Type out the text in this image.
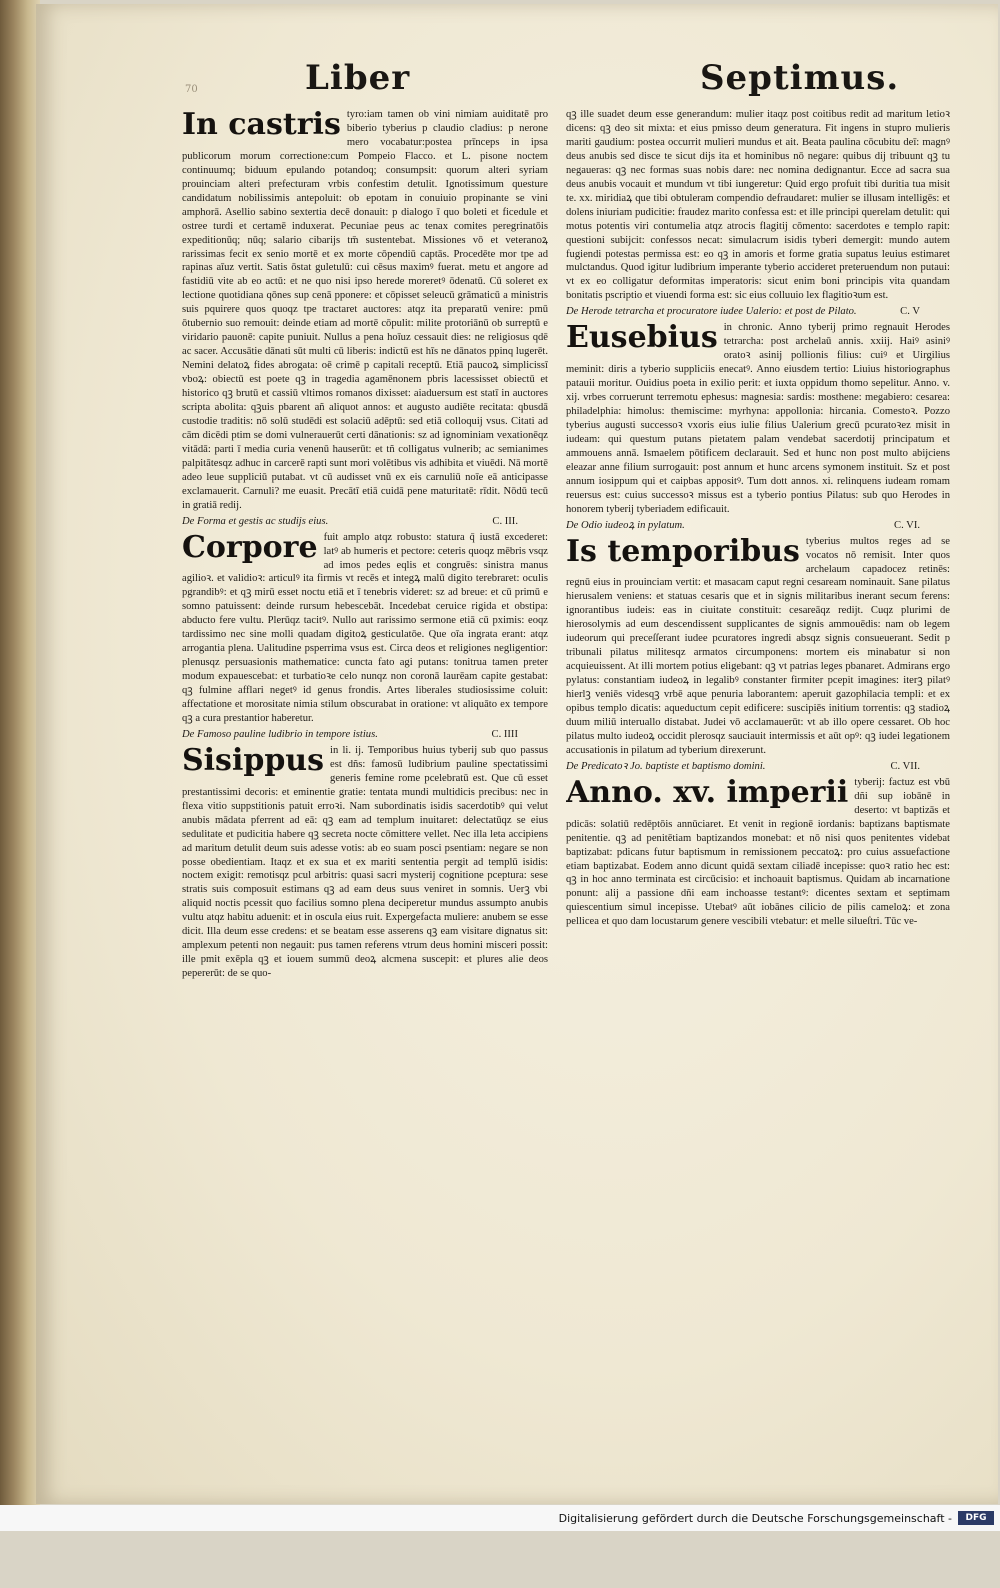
70	Liber	Septimus.

In castris tyro:iam tamen ob vini nimiam auiditatē pro biberio tyberius p claudio cladius: p nerone mero vocabatur:postea prīnceps in ipsa publicorum morum correctione:cum Pompeio Flacco. et L. pisone noctem continuumq; biduum epulando potandoq; consumpsit: quorum alteri syriam prouinciam alteri prefecturam vrbis confestim detulit. Ignotissimum questure candidatum nobilissimis antepoluit: ob epotam in conuiuio propinante se vini amphorā. Asellio sabino sextertia decē donauit: p dialogo ī quo boleti et ficedule et ostree turdi et certamē induxerat. Pecuniae peus ac tenax comites peregrinatōis expeditionūq; nūq; salario cibarijs tm̄ sustentebat. Missiones vō et veteranoꝝ rarissimas fecit ex senio mortē et ex morte cōpendiū captās. Procedēte mor tpe ad rapinas aīuz vertit. Satis ōstat guletulū: cui cēsus maximꝰ fuerat. metu et angore ad fastidiū vite ab eo actū: et ne quo nisi ipso herede moreretꝰ ōdenatū. Cū soleret ex lectione quotidiana qōnes sup cenā pponere: et cōpisset seleucū grāmaticū a ministris suis pquirere quos quoqz tpe tractaret auctores: atqz ita preparatū venire: pmū ōtubernio suo remouit: deinde etiam ad mortē cōpulit: milite protoriānū ob surreptū e viridario pauonē: capite puniuit. Nullus a pena hoīuz cessauit dies: ne religiosus qdē ac sacer. Accusātie dānati sūt multi cū liberis: indictū est hīs ne dānatos ppinq lugerēt. Nemini delatoꝝ fides abrogata: oē crimē p capitali receptū. Etiā paucoꝝ simplicissī vboꝝ: obiectū est poete qꝫ in tragedia agamēnonem pbris lacessisset obiectū et historico qꝫ brutū et cassiū vltimos romanos dixisset: aiaduersum est statī in auctores scripta abolita: qꝫuis pbarent añ aliquot annos: et augusto audiēte recitata: qbusdā custodie traditis: nō solū studēdi est solaciū adēptū: sed etiā colloquij vsus. Citati ad cām dicēdi ptim se domi vulnerauerūt certi dānationis: sz ad ignominiam vexationēqz vitādā: parti ī media curia venenū hauserūt: et tñ colligatus vulnerib; ac semianimes palpitātesqz adhuc in carcerē rapti sunt mori volētibus vis adhibita et viuēdi. Nā mortē adeo leue suppliciū putabat. vt cū audisset vnū ex eis carnuliū noīe eā anticipasse exclamauerit. Carnuli? me euasit. Precātī etiā cuidā pene maturitatē: rīdit. Nōdū tecū in gratiā redij.

De Forma et gestis ac studijs eius.	C. III.

Corpore fuit amplo atqz robusto: statura q̄ iustā excederet: latꝰ ab humeris et pectore: ceteris quoqz mēbris vsqz ad imos pedes eqlis et congruēs: sinistra manus agilioꝛ. et validioꝛ: articulꝰ ita firmis vt recēs et integꝝ malū digito terebraret: oculis pgrandibꝰ: et qꝫ mirū esset noctu etiā et ī tenebris videret: sz ad breue: et cū primū e somno patuissent: deinde rursum hebescebāt. Incedebat ceruice rigida et obstipa: abducto fere vultu. Plerūqz tacitꝰ. Nullo aut rarissimo sermone etiā cū pximis: eoqz tardissimo nec sine molli quadam digitoꝝ gesticulatōe. Que oīa ingrata erant: atqz arrogantia plena. Ualitudine psperrima vsus est. Circa deos et religiones negligentior: plenusqz persuasionis mathematice: cuncta fato agi putans: tonitrua tamen preter modum expauescebat: et turbatioꝛe celo nunqz non coronā laurēam capite gestabat: qꝫ fulmine afflari negetꝰ id genus frondis. Artes liberales studiosissime coluit: affectatione et morositate nimia stilum obscurabat in oratione: vt aliquāto ex tempore qꝫ a cura prestantior haberetur.

De Famoso pauline ludibrio in tempore istius.	C. IIII

Sisippus in li. ij. Temporibus huius tyberij sub quo passus est dñs: famosū ludibrium pauline spectatissimi generis femine rome pcelebratū est. Que cū esset prestantissimi decoris: et eminentie gratie: tentata mundi multidicis precibus: nec in flexa vitio suppstitionis patuit erroꝛi. Nam subordinatis isidis sacerdotibꝰ qui velut anubis mādata pferrent ad eā: qꝫ eam ad templum inuitaret: delectatūqz se eius sedulitate et pudicitia habere qꝫ secreta nocte cōmittere vellet. Nec illa leta accipiens ad maritum detulit deum suis adesse votis: ab eo suam posci psentiam: negare se non posse obedientiam. Itaqz et ex sua et ex mariti sententia pergit ad templū isidis: noctem exigit: remotisqz pcul arbitris: quasi sacri mysterij cognitione pceptura: sese stratis suis composuit estimans qꝫ ad eam deus suus veniret in somnis. Uerꝫ vbi aliquid noctis pcessit quo facilius somno plena deciperetur mundus assumpto anubis vultu atqz habitu aduenit: et in oscula eius ruit. Expergefacta muliere: anubem se esse dicit. Illa deum esse credens: et se beatam esse asserens qꝫ eam visitare dignatus sit: amplexum petenti non negauit: pus tamen referens vtrum deus homini misceri possit: ille pmit exēpla qꝫ et iouem summū deoꝝ alcmena suscepit: et plures alie deos pepererūt: de se quo-

qꝫ ille suadet deum esse generandum: mulier itaqz post coitibus redit ad maritum letioꝛ dicens: qꝫ deo sit mixta: et eius pmisso deum generatura. Fit ingens in stupro mulieris mariti gaudium: postea occurrit mulieri mundus et ait. Beata paulina cōcubitu deī: magnꝰ deus anubis sed disce te sicut dijs ita et hominibus nō negare: quibus dij tribuunt qꝫ tu negaueras: qꝫ nec formas suas nobis dare: nec nomina dedignantur. Ecce ad sacra sua deus anubis vocauit et mundum vt tibi iungeretur: Quid ergo profuit tibi duritia tua misit te. xx. miridiaꝝ que tibi obtuleram compendio defraudaret: mulier se illusam intelligēs: et dolens iniuriam pudicitie: fraudez marito confessa est: et ille principi querelam detulit: qui motus potentis viri contumelia atqz atrocis flagitij cōmento: sacerdotes e templo rapit: questioni subijcit: confessos necat: simulacrum isidis tyberi demergit: mundo autem fugiendi potestas permissa est: eo qꝫ in amoris et forme gratia supatus leuius estimaret mulctandus. Quod igitur ludibrium imperante tyberio accideret preteruendum non putaui: vt ex eo colligatur deformitas imperatoris: sicut enim boni principis vita quandam bonitatis pscriptio et viuendi forma est: sic eius colluuio lex flagitioꝛum est.

De Herode tetrarcha et procuratore iudee Ualerio: et post de Pilato.	C. V

Eusebius in chronic. Anno tyberij primo regnauit Herodes tetrarcha: post archelaū annis. xxiij. Haiꝰ asiniꝰ oratoꝛ asinij pollionis filius: cuiꝰ et Uirgilius meminit: diris a tyberio suppliciis enecatꝰ. Anno eiusdem tertio: Liuius historiographus patauii moritur. Ouidius poeta in exilio perit: et iuxta oppidum thomo sepelitur. Anno. v. xij. vrbes corruerunt terremotu ephesus: magnesia: sardis: mosthene: megabiero: cesarea: philadelphia: himolus: themiscime: myrhyna: appollonia: hircania. Comestoꝛ. Pozzo tyberius augusti successoꝛ vxoris eius iulie filius Ualerium grecū pcuratoꝛez misit in iudeam: qui questum putans pietatem palam vendebat sacerdotij principatum et ammouens annā. Ismaelem pōtificem declarauit. Sed et hunc non post multo abijciens eleazar anne filium surrogauit: post annum et hunc arcens symonem instituit. Sz et post annum iosippum qui et caipbas appositꝰ. Tum dott annos. xi. relinquens iudeam romam reuersus est: cuius successoꝛ missus est a tyberio pontius Pilatus: sub quo Herodes in honorem tyberij tyberiadem edificauit.

De Odio iudeoꝝ in pylatum.	C. VI.

Is temporibus tyberius multos reges ad se vocatos nō remisit. Inter quos archelaum capadocez retinēs: regnū eius in prouinciam vertit: et masacam caput regni cesaream nominauit. Sane pilatus hierusalem veniens: et statuas cesaris que et in signis militaribus inerant secum ferens: ignorantibus iudeis: eas in ciuitate constituit: cesareāqz redijt. Cuqz plurimi de hierosolymis ad eum descendissent supplicantes de signis ammouēdis: nam ob legem iudeorum qui preceſſerant iudee pcuratores ingredi absqz signis consueuerant. Sedit p tribunali pilatus militesqz armatos circumponens: mortem eis minabatur si non acquieuissent. At illi mortem potius eligebant: qꝫ vt patrias leges pbanaret. Admirans ergo pylatus: constantiam iudeoꝝ in legalibꝰ constanter firmiter pcepit imagines: iterꝫ pilatꝰ hierlꝫ veniēs videsqꝫ vrbē aque penuria laborantem: aperuit gazophilacia templi: et ex opibus templo dicatis: aqueductum cepit edificere: suscipiēs initium torrentis: qꝫ stadioꝝ duum miliū interuallo distabat. Judei vō acclamauerūt: vt ab illo opere cessaret. Ob hoc pilatus multo iudeoꝝ occidit plerosqz sauciauit intermissis et aūt opꝰ: qꝫ iudei legationem accusationis in pilatum ad tyberium direxerunt.

De Predicatoꝛ Jo. baptiste et baptismo domini.	C. VII.

Anno. xv. imperii tyberij: factuz est vbū dñi sup iobānē in deserto: vt baptizās et pdicās: solatiū redēptōis annūciaret. Et venit in regionē iordanis: baptizans baptismate penitentie. qꝫ ad penitētiam baptizandos monebat: et nō nisi quos penitentes videbat baptizabat: pdicans futur baptismum in remissionem peccatoꝝ: pro cuius assuefactione etiam baptizabat. Eodem anno dicunt quidā sextam ciliadē incepisse: quoꝛ ratio hec est: qꝫ in hoc anno terminata est circūcisio: et inchoauit baptismus. Quidam ab incarnatione ponunt: alij a passione dñi eam inchoasse testantꝰ: dicentes sextam et septimam quiescentium simul incepisse. Utebatꝰ aūt iobānes cilicio de pilis cameloꝝ: et zona pellicea et quo dam locustarum genere vescibili vtebatur: et melle silueſtri. Tūc ve-

Digitalisierung gefördert durch die Deutsche Forschungsgemeinschaft -	DFG
